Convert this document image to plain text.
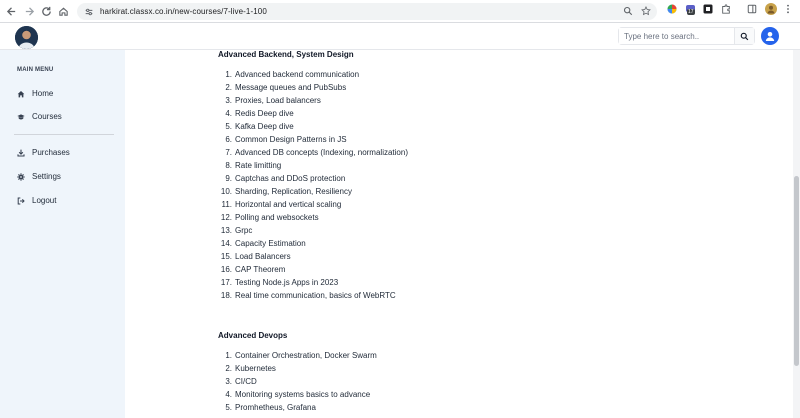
harkirat.classx.co.in/new-courses/7-live-1-100	17
Type here to search..
MAIN MENU
Home
Courses
Purchases
Settings
Logout
Advanced Backend, System Design
1. Advanced backend communication
2. Message queues and PubSubs
3. Proxies, Load balancers
4. Redis Deep dive
5. Kafka Deep dive
6. Common Design Patterns in JS
7. Advanced DB concepts (Indexing, normalization)
8. Rate limitting
9. Captchas and DDoS protection
10. Sharding, Replication, Resiliency
11. Horizontal and vertical scaling
12. Polling and websockets
13. Grpc
14. Capacity Estimation
15. Load Balancers
16. CAP Theorem
17. Testing Node.js Apps in 2023
18. Real time communication, basics of WebRTC
Advanced Devops
1. Container Orchestration, Docker Swarm
2. Kubernetes
3. CI/CD
4. Monitoring systems basics to advance
5. Promhetheus, Grafana
